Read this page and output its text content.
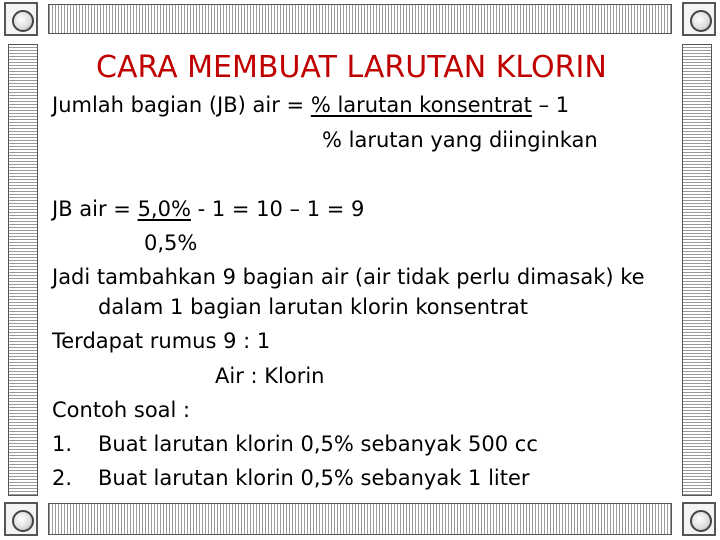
CARA MEMBUAT LARUTAN KLORIN
Jumlah bagian (JB) air = % larutan konsentrat – 1
% larutan yang diinginkan
JB air = 5,0% - 1 = 10 – 1 = 9
0,5%
Jadi tambahkan 9 bagian air (air tidak perlu dimasak) ke
dalam 1 bagian larutan klorin konsentrat
Terdapat rumus 9 : 1
Air : Klorin
Contoh soal :
1. Buat larutan klorin 0,5% sebanyak 500 cc
2. Buat larutan klorin 0,5% sebanyak 1 liter
